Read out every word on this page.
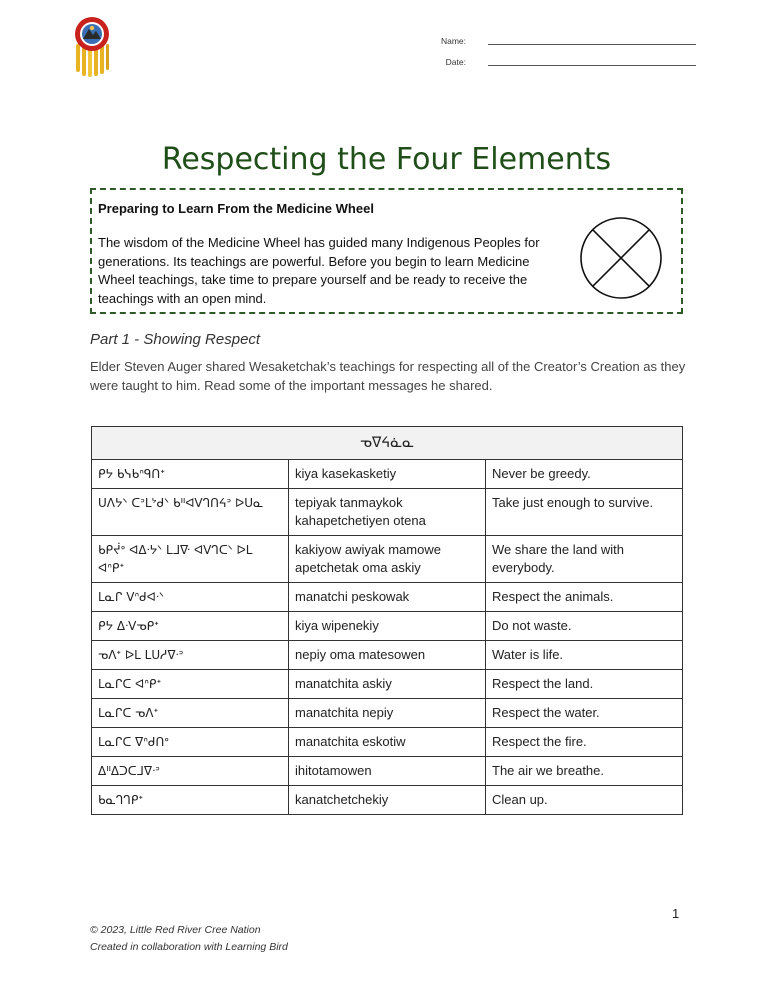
Name:
Date:
Respecting the Four Elements
Preparing to Learn From the Medicine Wheel
The wisdom of the Medicine Wheel has guided many Indigenous Peoples for generations. Its teachings are powerful. Before you begin to learn Medicine Wheel teachings, take time to prepare yourself and be ready to receive the teachings with an open mind.
Part 1 - Showing Respect
Elder Steven Auger shared Wesaketchak’s teachings for respecting all of the Creator’s Creation as they were taught to him. Read some of the important messages he shared.
ᓀᐁᔦᓈᓇ		
ᑭᔭ ᑲᓭᑲᐢᑫᑎᐩ	kiya kasekasketiy	Never be greedy.
ᑌᐱᔭᐠ ᑕᐣᒪᔾᑯᐠ ᑲᐦᐊᐯᒉᑎᔦᐣ ᐅᑌᓇ	tepiyak tanmaykok kahapetchetiyen otena	Take just enough to survive.
ᑲᑭᔫᐤ ᐊᐃᐧᔭᐠ ᒪᒧᐍ ᐊᐯᒉᑕᐠ ᐅᒪ ᐊᐢᑭᐩ	kakiyow awiyak mamowe apetchetak oma askiy	We share the land with everybody.
ᒪᓇᒋ ᐯᐢᑯᐊᐧᐠ	manatchi peskowak	Respect the animals.
ᑭᔭ ᐃᐧᐯᓀᑭᐩ	kiya wipenekiy	Do not waste.
ᓀᐱᐩ ᐅᒪ ᒪᑌᓱᐁᐧᐣ	nepiy oma matesowen	Water is life.
ᒪᓇᒋᑕ ᐊᐢᑭᐩ	manatchita askiy	Respect the land.
ᒪᓇᒋᑕ ᓀᐱᐩ	manatchita nepiy	Respect the water.
ᒪᓇᒋᑕ ᐁᐢᑯᑎᐤ	manatchita eskotiw	Respect the fire.
ᐃᐦᐃᑐᑕᒧᐁᐧᐣ	ihitotamowen	The air we breathe.
ᑲᓇᒉᒉᑭᐩ	kanatchetchekiy	Clean up.
1
© 2023, Little Red River Cree Nation
Created in collaboration with Learning Bird
